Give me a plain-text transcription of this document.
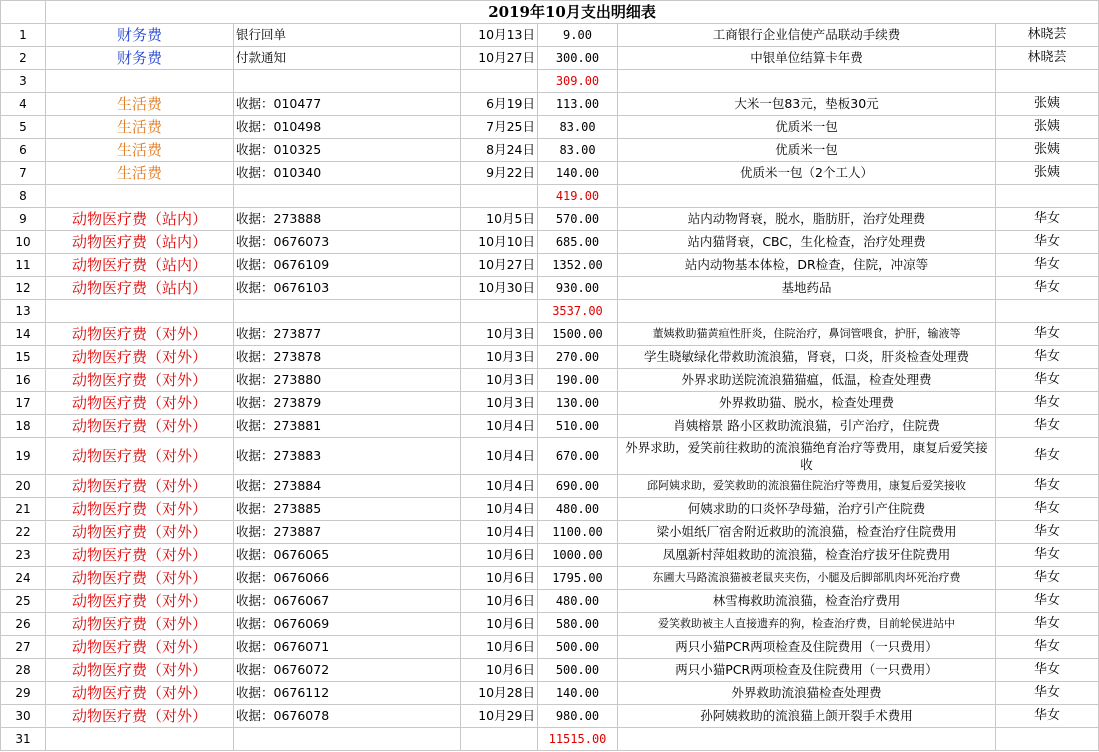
	2019年10月支出明细表					
1	财务费	银行回单	10月13日	9.00	工商银行企业信使产品联动手续费	林晓芸
2	财务费	付款通知	10月27日	300.00	中银单位结算卡年费	林晓芸
3				309.00		
4	生活费	收据：010477	6月19日	113.00	大米一包83元，垫板30元	张姨
5	生活费	收据：010498	7月25日	83.00	优质米一包	张姨
6	生活费	收据：010325	8月24日	83.00	优质米一包	张姨
7	生活费	收据：010340	9月22日	140.00	优质米一包（2个工人）	张姨
8				419.00		
9	动物医疗费（站内）	收据：273888	10月5日	570.00	站内动物肾衰，脱水，脂肪肝，治疗处理费	华女
10	动物医疗费（站内）	收据：0676073	10月10日	685.00	站内猫肾衰，CBC，生化检查，治疗处理费	华女
11	动物医疗费（站内）	收据：0676109	10月27日	1352.00	站内动物基本体检，DR检查，住院，冲凉等	华女
12	动物医疗费（站内）	收据：0676103	10月30日	930.00	基地药品	华女
13				3537.00		
14	动物医疗费（对外）	收据：273877	10月3日	1500.00	董姨救助猫黄疸性肝炎，住院治疗，鼻饲管喂食，护肝，输液等	华女
15	动物医疗费（对外）	收据：273878	10月3日	270.00	学生晓敏绿化带救助流浪猫，肾衰，口炎，肝炎检查处理费	华女
16	动物医疗费（对外）	收据：273880	10月3日	190.00	外界求助送院流浪猫猫瘟，低温，检查处理费	华女
17	动物医疗费（对外）	收据：273879	10月3日	130.00	外界救助猫、脱水，检查处理费	华女
18	动物医疗费（对外）	收据：273881	10月4日	510.00	肖姨榕景 路小区救助流浪猫，引产治疗，住院费	华女
19	动物医疗费（对外）	收据：273883	10月4日	670.00	外界求助，爱笑前往救助的流浪猫绝育治疗等费用，康复后爱笑接收	华女
20	动物医疗费（对外）	收据：273884	10月4日	690.00	邱阿姨求助，爱笑救助的流浪猫住院治疗等费用，康复后爱笑接收	华女
21	动物医疗费（对外）	收据：273885	10月4日	480.00	何姨求助的口炎怀孕母猫，治疗引产住院费	华女
22	动物医疗费（对外）	收据：273887	10月4日	1100.00	梁小姐纸厂宿舍附近救助的流浪猫，检查治疗住院费用	华女
23	动物医疗费（对外）	收据：0676065	10月6日	1000.00	凤凰新村萍姐救助的流浪猫，检查治疗拔牙住院费用	华女
24	动物医疗费（对外）	收据：0676066	10月6日	1795.00	东圃大马路流浪猫被老鼠夹夹伤，小腿及后脚部肌肉坏死治疗费	华女
25	动物医疗费（对外）	收据：0676067	10月6日	480.00	林雪梅救助流浪猫，检查治疗费用	华女
26	动物医疗费（对外）	收据：0676069	10月6日	580.00	爱笑救助被主人直接遗弃的狗，检查治疗费，目前轮侯进站中	华女
27	动物医疗费（对外）	收据：0676071	10月6日	500.00	两只小猫PCR两项检查及住院费用（一只费用）	华女
28	动物医疗费（对外）	收据：0676072	10月6日	500.00	两只小猫PCR两项检查及住院费用（一只费用）	华女
29	动物医疗费（对外）	收据：0676112	10月28日	140.00	外界救助流浪猫检查处理费	华女
30	动物医疗费（对外）	收据：0676078	10月29日	980.00	孙阿姨救助的流浪猫上颌开裂手术费用	华女
31				11515.00		
